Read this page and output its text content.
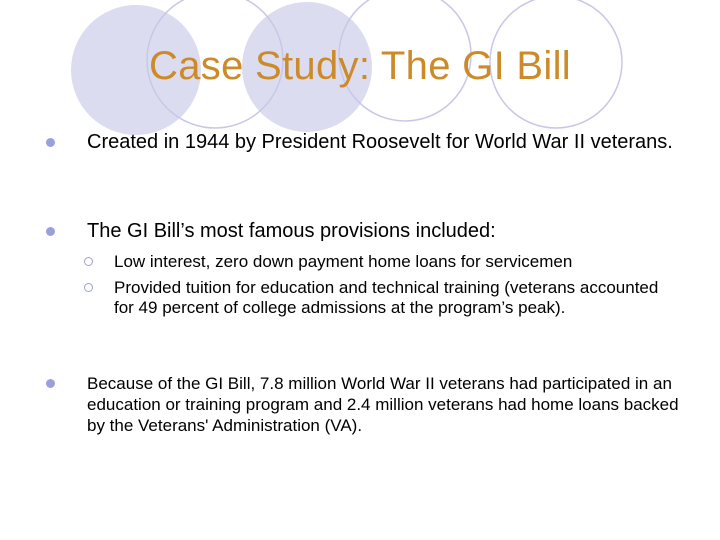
Case Study: The GI Bill
Created in 1944 by President Roosevelt for World War II veterans.
The GI Bill’s most famous provisions included:
Low interest, zero down payment home loans for servicemen
Provided tuition for education and technical training (veterans accounted for 49 percent of college admissions at the program’s peak).
Because of the GI Bill, 7.8 million World War II veterans had participated in an education or training program and 2.4 million veterans had home loans backed by the Veterans' Administration (VA).
